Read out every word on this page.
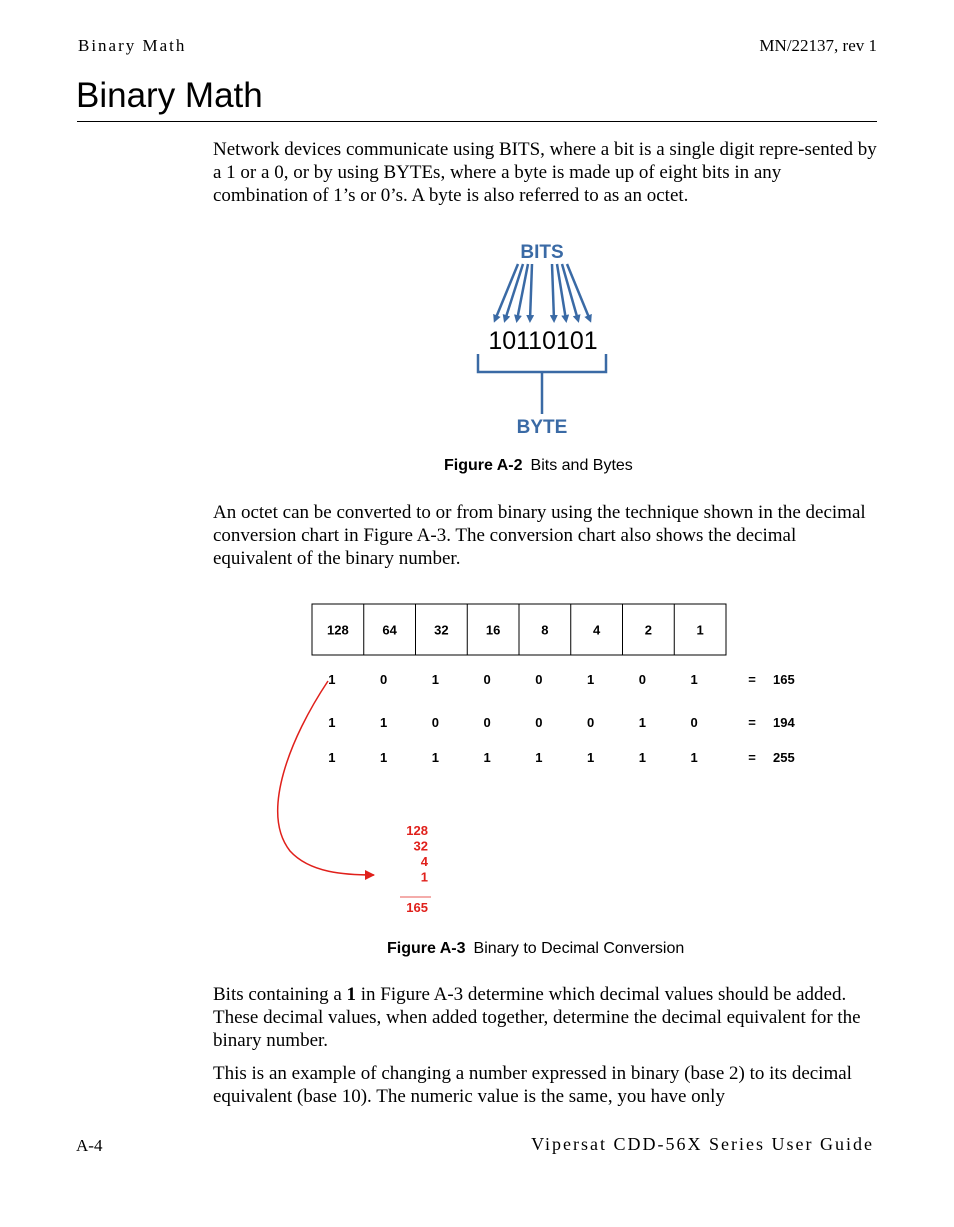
Binary Math	MN/22137, rev 1
Binary Math

Network devices communicate using BITS, where a bit is a single digit repre-sented by a 1 or a 0, or by using BYTEs, where a byte is made up of eight bits in any combination of 1’s or 0’s. A byte is also referred to as an octet.

BITS
10110101
BYTE
Figure A-2 Bits and Bytes

An octet can be converted to or from binary using the technique shown in the decimal conversion chart in Figure A-3. The conversion chart also shows the decimal equivalent of the binary number.

128	64	32	16	8	4	2	1
1	0	1	0	0	1	0	1	= 165
1	1	0	0	0	0	1	0	= 194
1	1	1	1	1	1	1	1	= 255
128
32
4
1
165
Figure A-3 Binary to Decimal Conversion

Bits containing a 1 in Figure A-3 determine which decimal values should be added. These decimal values, when added together, determine the decimal equivalent for the binary number.

This is an example of changing a number expressed in binary (base 2) to its decimal equivalent (base 10). The numeric value is the same, you have only

A-4	Vipersat CDD-56X Series User Guide
